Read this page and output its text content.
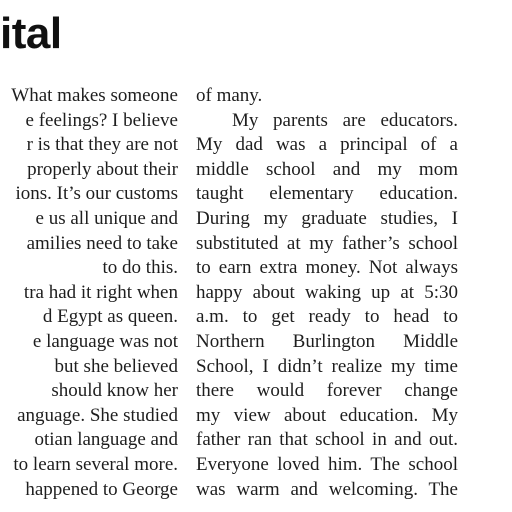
ital
What makes someone
e feelings? I believe
r is that they are not
properly about their
ions. It’s our customs
e us all unique and
amilies need to take
to do this.
tra had it right when
d Egypt as queen.
e language was not
but she believed
should know her
anguage. She studied
otian language and
to learn several more.
happened to George
of many.
My parents are educators.
My dad was a principal of a
middle school and my mom
taught elementary education.
During my graduate studies, I
substituted at my father’s school
to earn extra money. Not always
happy about waking up at 5:30
a.m. to get ready to head to
Northern Burlington Middle
School, I didn’t realize my time
there would forever change
my view about education. My
father ran that school in and out.
Everyone loved him. The school
was warm and welcoming. The
